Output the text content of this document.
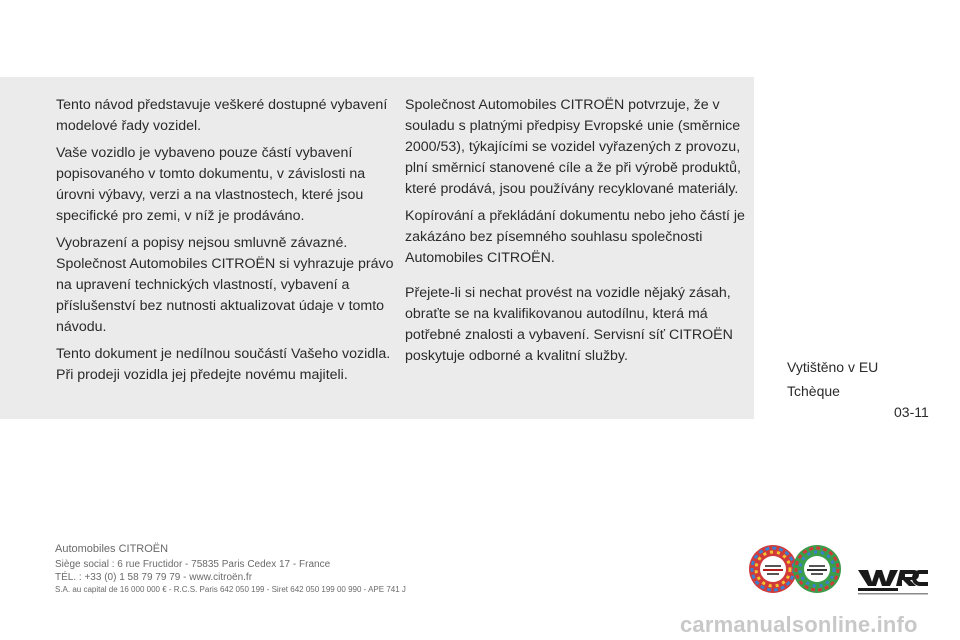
Tento návod představuje veškeré dostupné vybavení modelové řady vozidel.

Vaše vozidlo je vybaveno pouze částí vybavení popisovaného v tomto dokumentu, v závislosti na úrovni výbavy, verzi a na vlastnostech, které jsou specifické pro zemi, v níž je prodáváno.

Vyobrazení a popisy nejsou smluvně závazné. Společnost Automobiles CITROËN si vyhrazuje právo na upravení technických vlastností, vybavení a příslušenství bez nutnosti aktualizovat údaje v tomto návodu.

Tento dokument je nedílnou součástí Vašeho vozidla. Při prodeji vozidla jej předejte novému majiteli.

Společnost Automobiles CITROËN potvrzuje, že v souladu s platnými předpisy Evropské unie (směrnice 2000/53), týkajícími se vozidel vyřazených z provozu, plní směrnicí stanovené cíle a že při výrobě produktů, které prodává, jsou používány recyklované materiály.

Kopírování a překládání dokumentu nebo jeho částí je zakázáno bez písemného souhlasu společnosti Automobiles CITROËN.

Přejete-li si nechat provést na vozidle nějaký zásah, obraťte se na kvalifikovanou autodílnu, která má potřebné znalosti a vybavení. Servisní síť CITROËN poskytuje odborné a kvalitní služby.

Vytištěno v EU
Tchèque
03-11
Automobiles CITROËN
Siège social : 6 rue Fructidor - 75835 Paris Cedex 17 - France
TÉL. : +33 (0) 1 58 79 79 79 - www.citroën.fr
S.A. au capital de 16 000 000 € - R.C.S. Paris 642 050 199 - Siret 642 050 199 00 990 - APE 741 J
carmanualsonline.info
